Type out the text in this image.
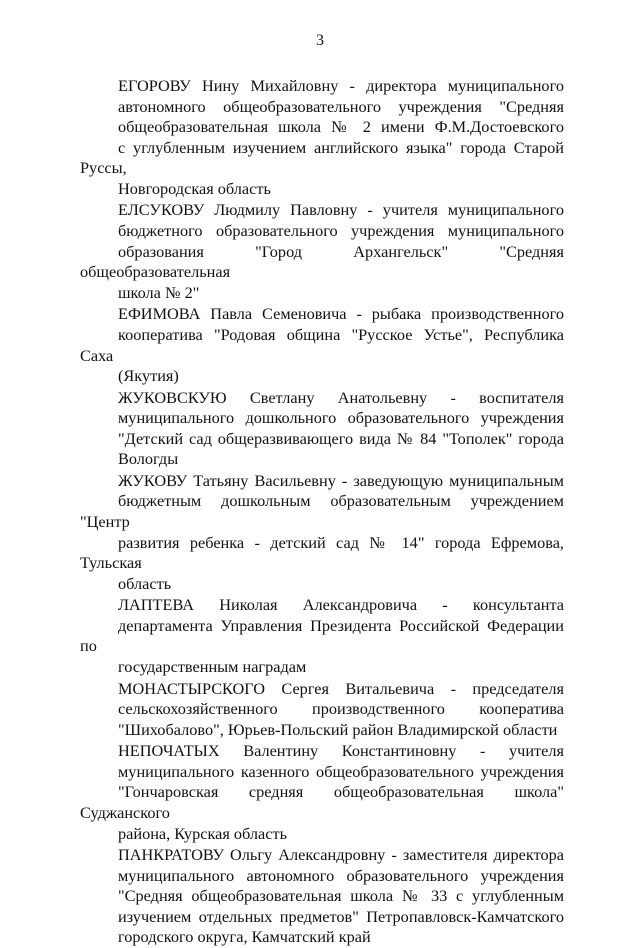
3

ЕГОРОВУ Нину Михайловну - директора муниципального
автономного общеобразовательного учреждения "Средняя
общеобразовательная школа № 2 имени Ф.М.Достоевского
с углубленным изучением английского языка" города Старой Руссы,
Новгородская область

ЕЛСУКОВУ Людмилу Павловну - учителя муниципального
бюджетного образовательного учреждения муниципального
образования "Город Архангельск" "Средняя общеобразовательная
школа № 2"

ЕФИМОВА Павла Семеновича - рыбака производственного
кооператива "Родовая община "Русское Устье", Республика Саха
(Якутия)

ЖУКОВСКУЮ Светлану Анатольевну - воспитателя
муниципального дошкольного образовательного учреждения
"Детский сад общеразвивающего вида № 84 "Тополек" города
Вологды

ЖУКОВУ Татьяну Васильевну - заведующую муниципальным
бюджетным дошкольным образовательным учреждением "Центр
развития ребенка - детский сад № 14" города Ефремова, Тульская
область

ЛАПТЕВА Николая Александровича - консультанта
департамента Управления Президента Российской Федерации по
государственным наградам

МОНАСТЫРСКОГО Сергея Витальевича - председателя
сельскохозяйственного производственного кооператива
"Шихобалово", Юрьев-Польский район Владимирской области

НЕПОЧАТЫХ Валентину Константиновну - учителя
муниципального казенного общеобразовательного учреждения
"Гончаровская средняя общеобразовательная школа" Суджанского
района, Курская область

ПАНКРАТОВУ Ольгу Александровну - заместителя директора
муниципального автономного образовательного учреждения
"Средняя общеобразовательная школа № 33 с углубленным
изучением отдельных предметов" Петропавловск-Камчатского
городского округа, Камчатский край
